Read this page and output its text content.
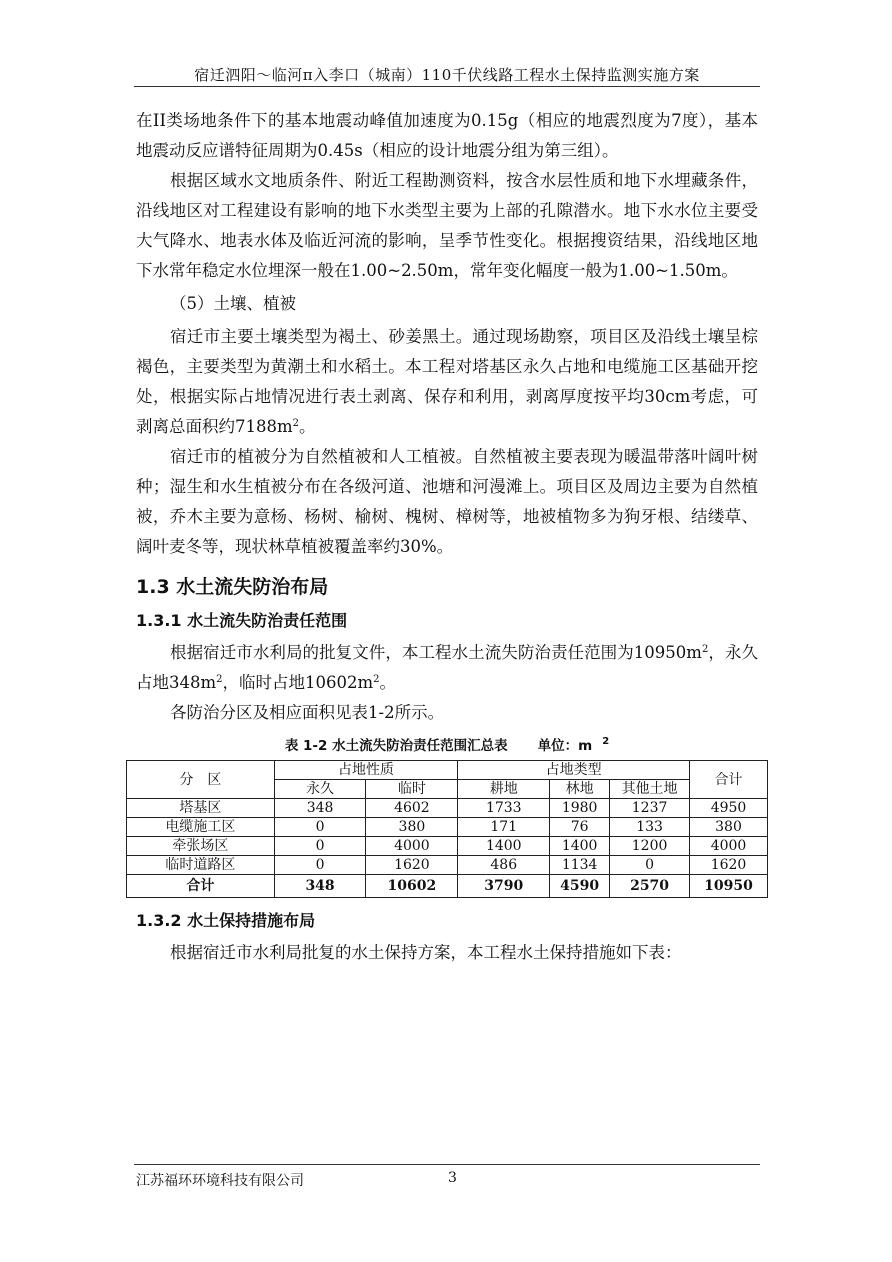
宿迁泗阳～临河π入李口（城南）110千伏线路工程水土保持监测实施方案

在II类场地条件下的基本地震动峰值加速度为0.15g（相应的地震烈度为7度），基本地震动反应谱特征周期为0.45s（相应的设计地震分组为第三组）。

根据区域水文地质条件、附近工程勘测资料，按含水层性质和地下水埋藏条件，沿线地区对工程建设有影响的地下水类型主要为上部的孔隙潜水。地下水水位主要受大气降水、地表水体及临近河流的影响，呈季节性变化。根据搜资结果，沿线地区地下水常年稳定水位埋深一般在1.00~2.50m，常年变化幅度一般为1.00~1.50m。

（5）土壤、植被

宿迁市主要土壤类型为褐土、砂姜黑土。通过现场勘察，项目区及沿线土壤呈棕褐色，主要类型为黄潮土和水稻土。本工程对塔基区永久占地和电缆施工区基础开挖处，根据实际占地情况进行表土剥离、保存和利用，剥离厚度按平均30cm考虑，可剥离总面积约$7188m^2$。

宿迁市的植被分为自然植被和人工植被。自然植被主要表现为暖温带落叶阔叶树种；湿生和水生植被分布在各级河道、池塘和河漫滩上。项目区及周边主要为自然植被，乔木主要为意杨、杨树、榆树、槐树、樟树等，地被植物多为狗牙根、结缕草、阔叶麦冬等，现状林草植被覆盖率约30%。

1.3 水土流失防治布局
1.3.1 水土流失防治责任范围

根据宿迁市水利局的批复文件，本工程水土流失防治责任范围为$10950m^2$，永久占地$348m^2$，临时占地$10602m^2$。

各防治分区及相应面积见表1-2所示。

表 1-2 水土流失防治责任范围汇总表 单位：m $^2$
分　区	占地性质		占地类型			合计
	永久	临时	耕地	林地	其他土地	
塔基区	348	4602	1733	1980	1237	4950
电缆施工区	0	380	171	76	133	380
牵张场区	0	4000	1400	1400	1200	4000
临时道路区	0	1620	486	1134	0	1620
合计	348	10602	3790	4590	2570	10950
1.3.2 水土保持措施布局

根据宿迁市水利局批复的水土保持方案，本工程水土保持措施如下表：

江苏福环环境科技有限公司	3
